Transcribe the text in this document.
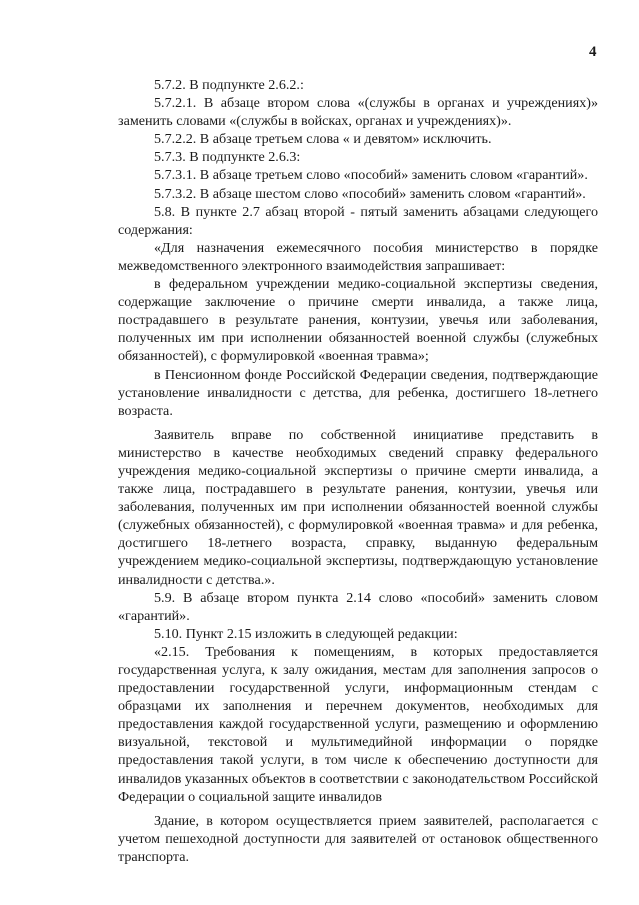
4

5.7.2. В подпункте 2.6.2.:

5.7.2.1. В абзаце втором слова «(службы в органах и учреждениях)» заменить словами «(службы в войсках, органах и учреждениях)».

5.7.2.2. В абзаце третьем слова « и девятом» исключить.

5.7.3. В подпункте 2.6.3:

5.7.3.1. В абзаце третьем слово «пособий» заменить словом «гарантий».

5.7.3.2. В абзаце шестом слово «пособий» заменить словом «гарантий».

5.8. В пункте 2.7 абзац второй - пятый заменить абзацами следующего содержания:

«Для назначения ежемесячного пособия министерство в порядке межведомственного электронного взаимодействия запрашивает:

в федеральном учреждении медико-социальной экспертизы сведения, содержащие заключение о причине смерти инвалида, а также лица, пострадавшего в результате ранения, контузии, увечья или заболевания, полученных им при исполнении обязанностей военной службы (служебных обязанностей), с формулировкой «военная травма»;

в Пенсионном фонде Российской Федерации сведения, подтверждающие установление инвалидности с детства, для ребенка, достигшего 18-летнего возраста.

Заявитель вправе по собственной инициативе представить в министерство в качестве необходимых сведений справку федерального учреждения медико-социальной экспертизы о причине смерти инвалида, а также лица, пострадавшего в результате ранения, контузии, увечья или заболевания, полученных им при исполнении обязанностей военной службы (служебных обязанностей), с формулировкой «военная травма» и для ребенка, достигшего 18-летнего возраста, справку, выданную федеральным учреждением медико-социальной экспертизы, подтверждающую установление инвалидности с детства.».

5.9. В абзаце втором пункта 2.14 слово «пособий» заменить словом «гарантий».

5.10. Пункт 2.15 изложить в следующей редакции:

«2.15. Требования к помещениям, в которых предоставляется государственная услуга, к залу ожидания, местам для заполнения запросов о предоставлении государственной услуги, информационным стендам с образцами их заполнения и перечнем документов, необходимых для предоставления каждой государственной услуги, размещению и оформлению визуальной, текстовой и мультимедийной информации о порядке предоставления такой услуги, в том числе к обеспечению доступности для инвалидов указанных объектов в соответствии с законодательством Российской Федерации о социальной защите инвалидов

Здание, в котором осуществляется прием заявителей, располагается с учетом пешеходной доступности для заявителей от остановок общественного транспорта.
